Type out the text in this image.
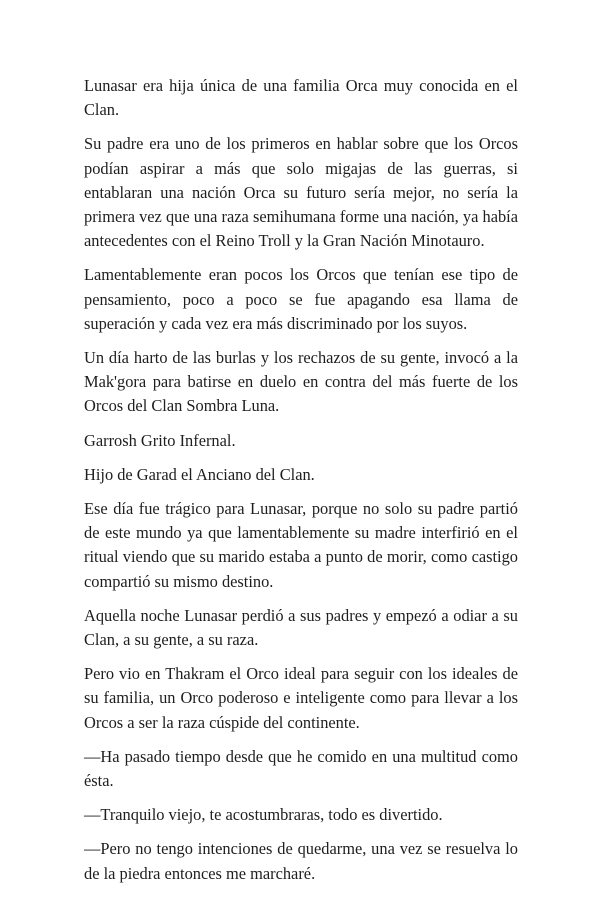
Lunasar era hija única de una familia Orca muy conocida en el Clan.

Su padre era uno de los primeros en hablar sobre que los Orcos podían aspirar a más que solo migajas de las guerras, si entablaran una nación Orca su futuro sería mejor, no sería la primera vez que una raza semihumana forme una nación, ya había antecedentes con el Reino Troll y la Gran Nación Minotauro.

Lamentablemente eran pocos los Orcos que tenían ese tipo de pensamiento, poco a poco se fue apagando esa llama de superación y cada vez era más discriminado por los suyos.

Un día harto de las burlas y los rechazos de su gente, invocó a la Mak'gora para batirse en duelo en contra del más fuerte de los Orcos del Clan Sombra Luna.

Garrosh Grito Infernal.

Hijo de Garad el Anciano del Clan.

Ese día fue trágico para Lunasar, porque no solo su padre partió de este mundo ya que lamentablemente su madre interfirió en el ritual viendo que su marido estaba a punto de morir, como castigo compartió su mismo destino.

Aquella noche Lunasar perdió a sus padres y empezó a odiar a su Clan, a su gente, a su raza.

Pero vio en Thakram el Orco ideal para seguir con los ideales de su familia, un Orco poderoso e inteligente como para llevar a los Orcos a ser la raza cúspide del continente.

—Ha pasado tiempo desde que he comido en una multitud como ésta.

—Tranquilo viejo, te acostumbraras, todo es divertido.

—Pero no tengo intenciones de quedarme, una vez se resuelva lo de la piedra entonces me marcharé.
